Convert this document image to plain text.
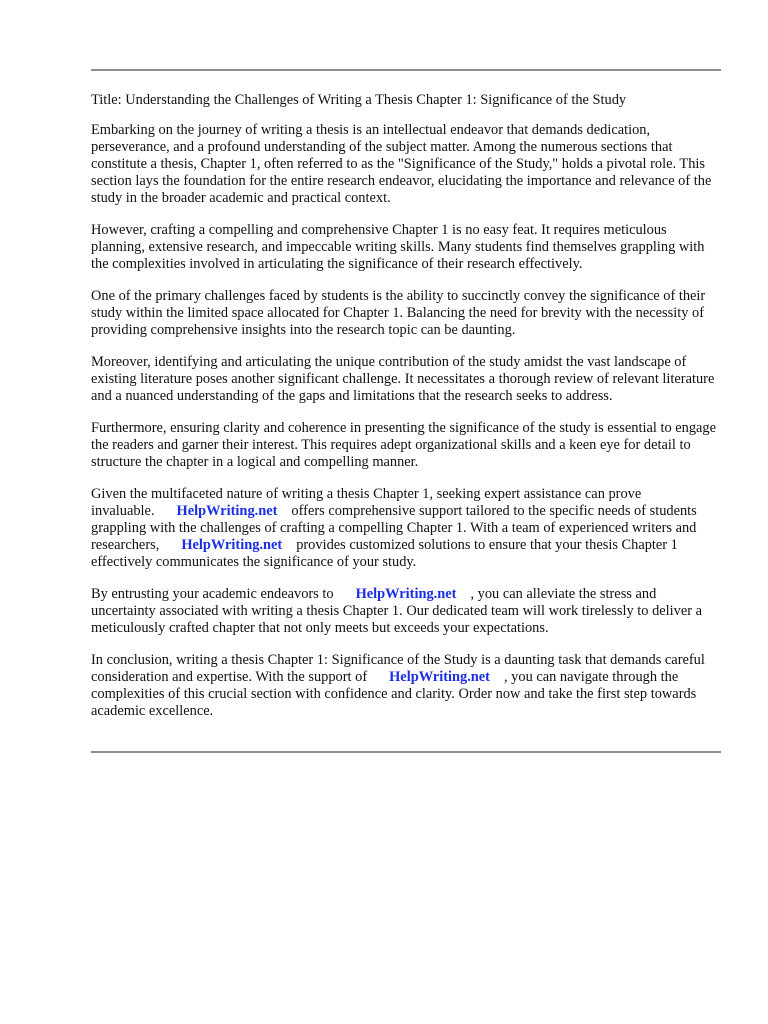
Title: Understanding the Challenges of Writing a Thesis Chapter 1: Significance of the Study

Embarking on the journey of writing a thesis is an intellectual endeavor that demands dedication, perseverance, and a profound understanding of the subject matter. Among the numerous sections that constitute a thesis, Chapter 1, often referred to as the "Significance of the Study," holds a pivotal role. This section lays the foundation for the entire research endeavor, elucidating the importance and relevance of the study in the broader academic and practical context.

However, crafting a compelling and comprehensive Chapter 1 is no easy feat. It requires meticulous planning, extensive research, and impeccable writing skills. Many students find themselves grappling with the complexities involved in articulating the significance of their research effectively.

One of the primary challenges faced by students is the ability to succinctly convey the significance of their study within the limited space allocated for Chapter 1. Balancing the need for brevity with the necessity of providing comprehensive insights into the research topic can be daunting.

Moreover, identifying and articulating the unique contribution of the study amidst the vast landscape of existing literature poses another significant challenge. It necessitates a thorough review of relevant literature and a nuanced understanding of the gaps and limitations that the research seeks to address.

Furthermore, ensuring clarity and coherence in presenting the significance of the study is essential to engage the readers and garner their interest. This requires adept organizational skills and a keen eye for detail to structure the chapter in a logical and compelling manner.

Given the multifaceted nature of writing a thesis Chapter 1, seeking expert assistance can prove invaluable. HelpWriting.net offers comprehensive support tailored to the specific needs of students grappling with the challenges of crafting a compelling Chapter 1. With a team of experienced writers and researchers, HelpWriting.net provides customized solutions to ensure that your thesis Chapter 1 effectively communicates the significance of your study.

By entrusting your academic endeavors to HelpWriting.net , you can alleviate the stress and uncertainty associated with writing a thesis Chapter 1. Our dedicated team will work tirelessly to deliver a meticulously crafted chapter that not only meets but exceeds your expectations.

In conclusion, writing a thesis Chapter 1: Significance of the Study is a daunting task that demands careful consideration and expertise. With the support of HelpWriting.net , you can navigate through the complexities of this crucial section with confidence and clarity. Order now and take the first step towards academic excellence.
